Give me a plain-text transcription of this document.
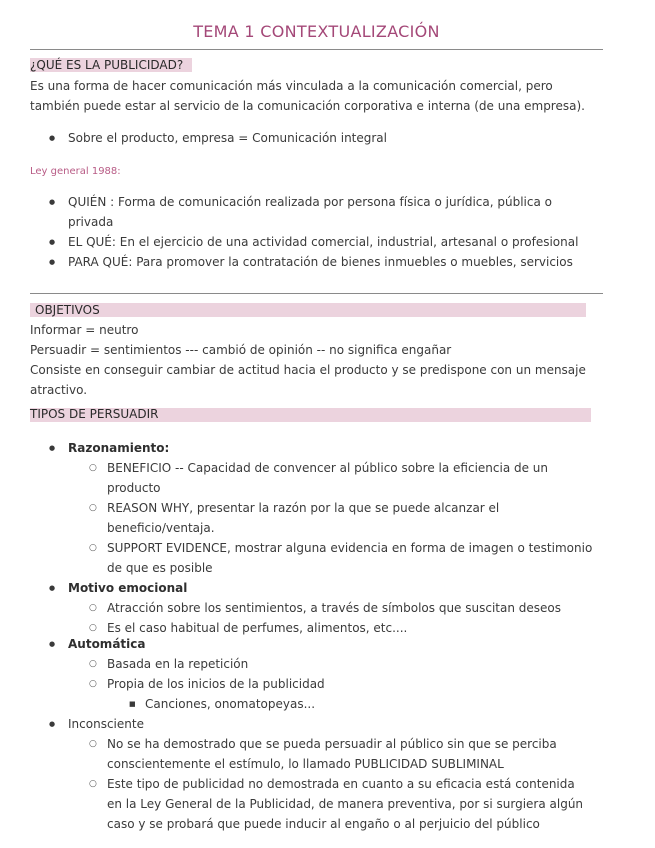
TEMA 1 CONTEXTUALIZACIÓN
¿QUÉ ES LA PUBLICIDAD?
Es una forma de hacer comunicación más vinculada a la comunicación comercial, pero
también puede estar al servicio de la comunicación corporativa e interna (de una empresa).
● Sobre el producto, empresa = Comunicación integral
Ley general 1988:
● QUIÉN : Forma de comunicación realizada por persona física o jurídica, pública o
privada
● EL QUÉ: En el ejercicio de una actividad comercial, industrial, artesanal o profesional
● PARA QUÉ: Para promover la contratación de bienes inmuebles o muebles, servicios
OBJETIVOS
Informar = neutro
Persuadir = sentimientos --- cambió de opinión -- no significa engañar
Consiste en conseguir cambiar de actitud hacia el producto y se predispone con un mensaje
atractivo.
TIPOS DE PERSUADIR
● Razonamiento:
○ BENEFICIO -- Capacidad de convencer al público sobre la eficiencia de un
producto
○ REASON WHY, presentar la razón por la que se puede alcanzar el
beneficio/ventaja.
○ SUPPORT EVIDENCE, mostrar alguna evidencia en forma de imagen o testimonio
de que es posible
● Motivo emocional
○ Atracción sobre los sentimientos, a través de símbolos que suscitan deseos
○ Es el caso habitual de perfumes, alimentos, etc....
● Automática
○ Basada en la repetición
○ Propia de los inicios de la publicidad
■ Canciones, onomatopeyas...
● Inconsciente
○ No se ha demostrado que se pueda persuadir al público sin que se perciba
conscientemente el estímulo, lo llamado PUBLICIDAD SUBLIMINAL
○ Este tipo de publicidad no demostrada en cuanto a su eficacia está contenida
en la Ley General de la Publicidad, de manera preventiva, por si surgiera algún
caso y se probará que puede inducir al engaño o al perjuicio del público
